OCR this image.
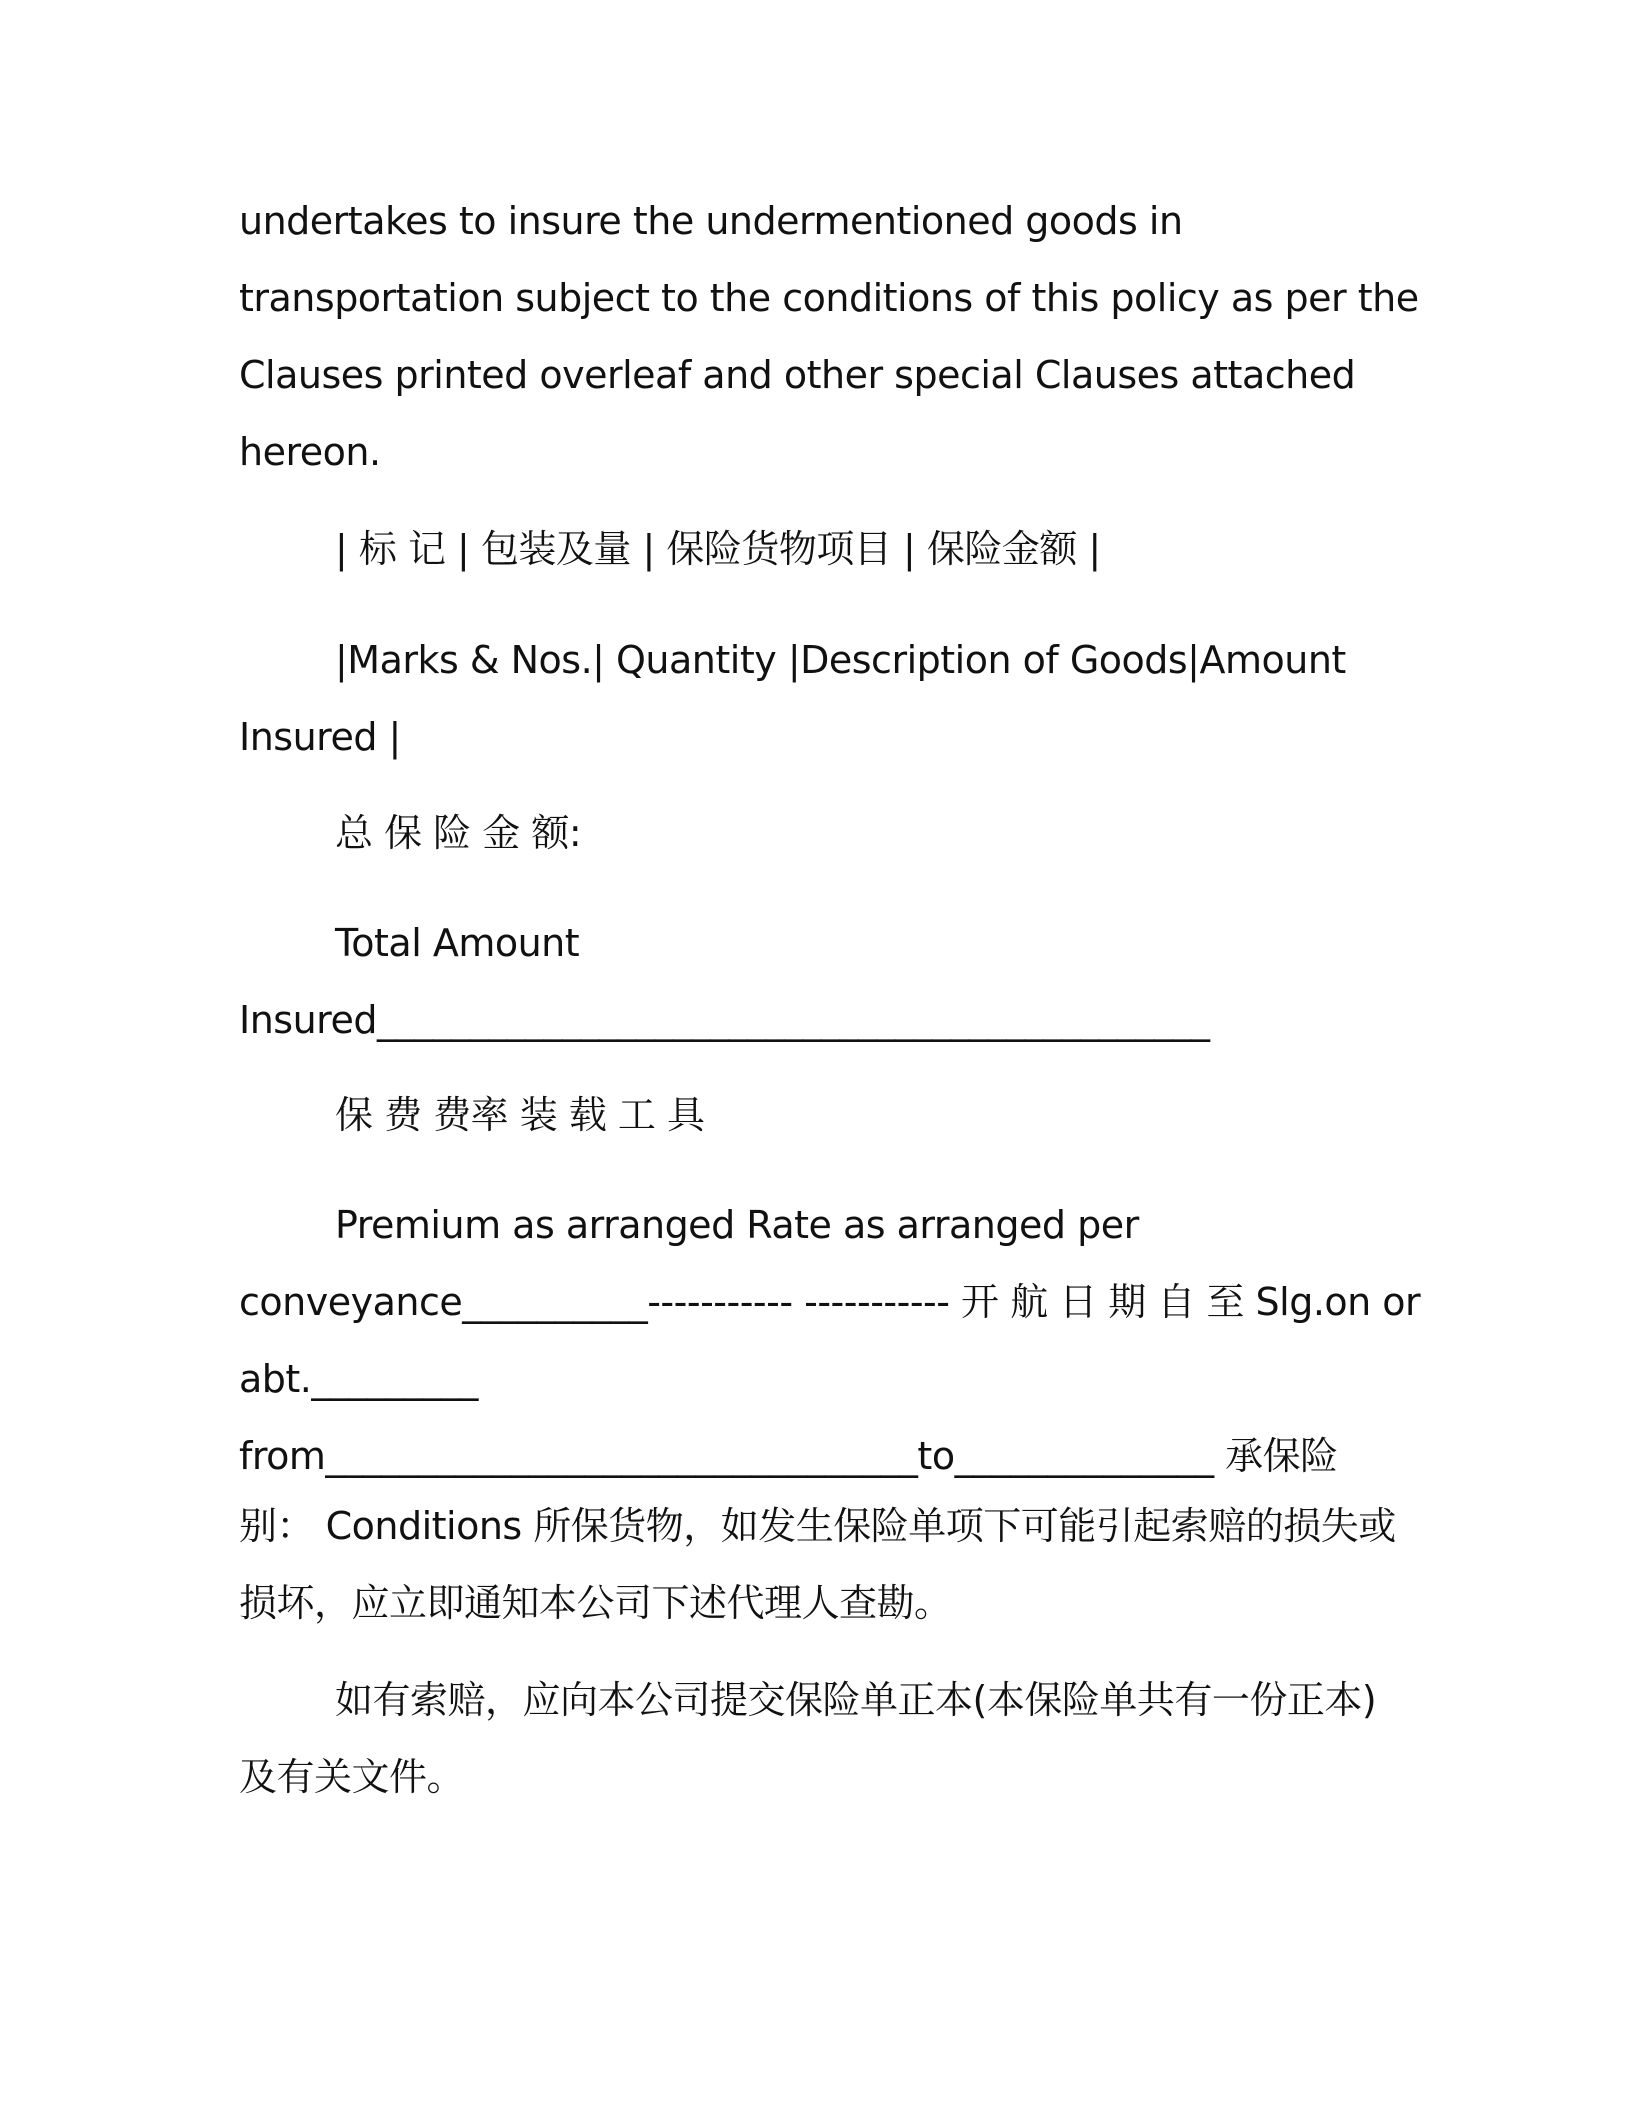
undertakes to insure the undermentioned goods in
transportation subject to the conditions of this policy as per the
Clauses printed overleaf and other special Clauses attached
hereon.
| 标 记 | 包装及量 | 保险货物项目 | 保险金额 |
|Marks & Nos.| Quantity |Description of Goods|Amount
Insured |
总 保 险 金 额:
Total Amount
Insured_____________________________________________
保 费 费率 装 载 工 具
Premium as arranged Rate as arranged per
conveyance__________----------- ----------- 开 航 日 期 自 至 Slg.on or
abt._________
from________________________________to______________ 承保险
别： Conditions 所保货物，如发生保险单项下可能引起索赔的损失或
损坏，应立即通知本公司下述代理人查勘。
如有索赔，应向本公司提交保险单正本(本保险单共有一份正本)
及有关文件。
